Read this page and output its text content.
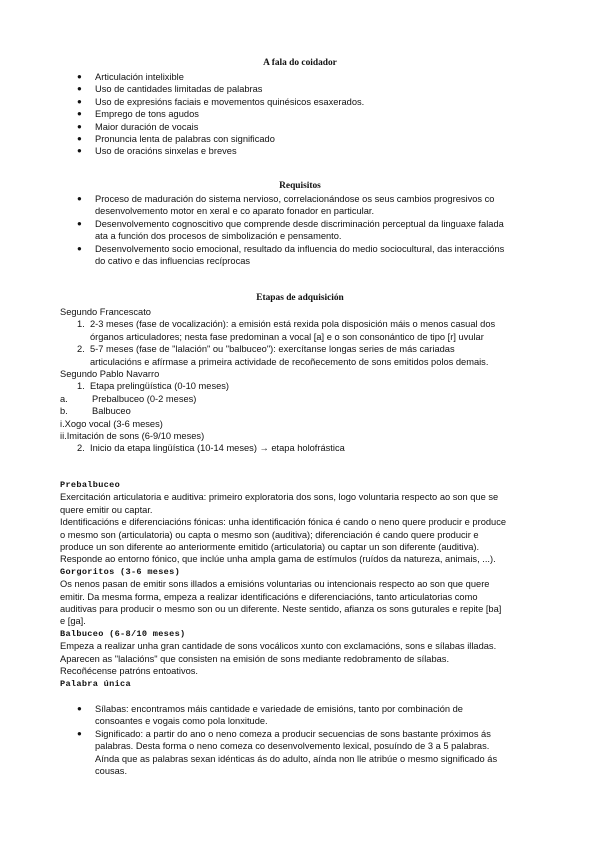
A fala do coidador
● Articulación intelixible
● Uso de cantidades limitadas de palabras
● Uso de expresións faciais e movementos quinésicos esaxerados.
● Emprego de tons agudos
● Maior duración de vocais
● Pronuncia lenta de palabras con significado
● Uso de oracións sinxelas e breves
Requisitos
● Proceso de maduración do sistema nervioso, correlacionándose os seus cambios progresivos co
desenvolvemento motor en xeral e co aparato fonador en particular.
● Desenvolvemento cognoscitivo que comprende desde discriminación perceptual da linguaxe falada
ata a función dos procesos de simbolización e pensamento.
● Desenvolvemento socio emocional, resultado da influencia do medio sociocultural, das interaccións
do cativo e das influencias recíprocas
Etapas de adquisición
Segundo Francescato
1. 2-3 meses (fase de vocalización): a emisión está rexida pola disposición máis o menos casual dos
órganos articuladores; nesta fase predominan a vocal [a] e o son consonántico de tipo [r] uvular
2. 5-7 meses (fase de "lalación" ou "balbuceo"): exercítanse longas series de más cariadas
articulacións e afírmase a primeira actividade de recoñecemento de sons emitidos polos demais.
Segundo Pablo Navarro
1. Etapa prelingüística (0-10 meses)
a.	Prebalbuceo (0-2 meses)
b.	Balbuceo
i.Xogo vocal (3-6 meses)
ii.Imitación de sons (6-9/10 meses)
2. Inicio da etapa lingüística (10-14 meses) → etapa holofrástica
Prebalbuceo
Exercitación articulatoria e auditiva: primeiro exploratoria dos sons, logo voluntaria respecto ao son que se
quere emitir ou captar.
Identificacións e diferenciacións fónicas: unha identificación fónica é cando o neno quere producir e produce
o mesmo son (articulatoria) ou capta o mesmo son (auditiva); diferenciación é cando quere producir e
produce un son diferente ao anteriormente emitido (articulatoria) ou captar un son diferente (auditiva).
Responde ao entorno fónico, que inclúe unha ampla gama de estímulos (ruídos da natureza, animais, ...).
Gorgoritos (3-6 meses)
Os nenos pasan de emitir sons illados a emisións voluntarias ou intencionais respecto ao son que quere
emitir. Da mesma forma, empeza a realizar identificacións e diferenciacións, tanto articulatorias como
auditivas para producir o mesmo son ou un diferente. Neste sentido, afianza os sons guturales e repite [ba]
e [ga].
Balbuceo (6-8/10 meses)
Empeza a realizar unha gran cantidade de sons vocálicos xunto con exclamacións, sons e sílabas illadas.
Aparecen as "lalacións" que consisten na emisión de sons mediante redobramento de sílabas.
Recoñécense patróns entoativos.
Palabra única
● Sílabas: encontramos máis cantidade e variedade de emisións, tanto por combinación de
consoantes e vogais como pola lonxitude.
● Significado: a partir do ano o neno comeza a producir secuencias de sons bastante próximos ás
palabras. Desta forma o neno comeza co desenvolvemento lexical, posuíndo de 3 a 5 palabras.
Aínda que as palabras sexan idénticas ás do adulto, aínda non lle atribúe o mesmo significado ás
cousas.
